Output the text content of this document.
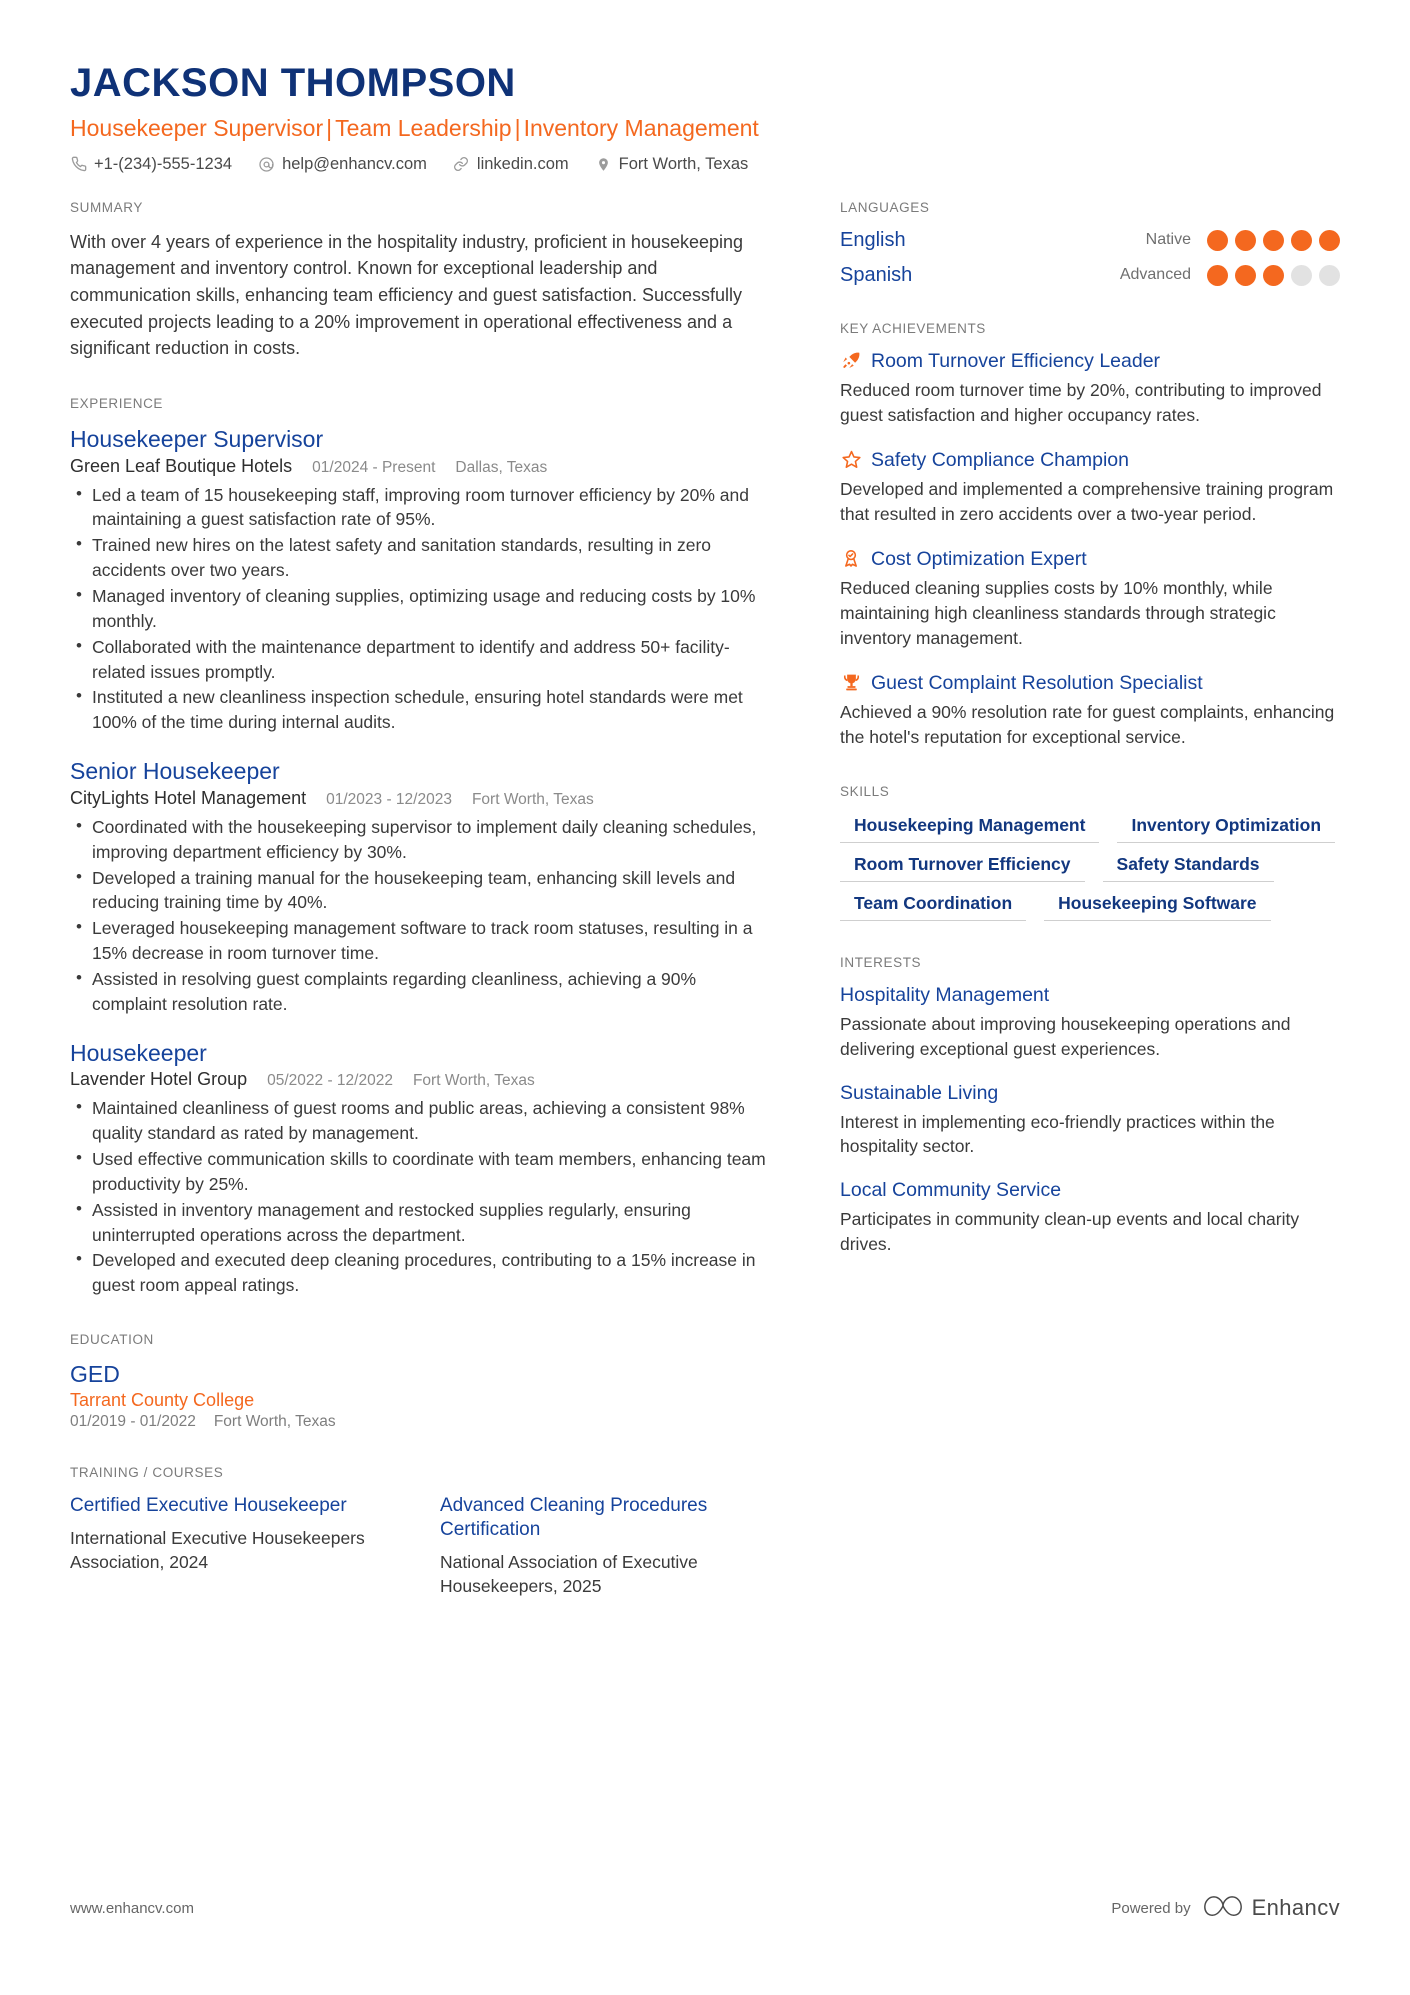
JACKSON THOMPSON
Housekeeper Supervisor | Team Leadership | Inventory Management
+1-(234)-555-1234	help@enhancv.com	linkedin.com	Fort Worth, Texas
SUMMARY
With over 4 years of experience in the hospitality industry, proficient in housekeeping management and inventory control. Known for exceptional leadership and communication skills, enhancing team efficiency and guest satisfaction. Successfully executed projects leading to a 20% improvement in operational effectiveness and a significant reduction in costs.
EXPERIENCE
Housekeeper Supervisor
Green Leaf Boutique Hotels 01/2024 - Present Dallas, Texas
• Led a team of 15 housekeeping staff, improving room turnover efficiency by 20% and maintaining a guest satisfaction rate of 95%.
• Trained new hires on the latest safety and sanitation standards, resulting in zero accidents over two years.
• Managed inventory of cleaning supplies, optimizing usage and reducing costs by 10% monthly.
• Collaborated with the maintenance department to identify and address 50+ facility-related issues promptly.
• Instituted a new cleanliness inspection schedule, ensuring hotel standards were met 100% of the time during internal audits.
Senior Housekeeper
CityLights Hotel Management 01/2023 - 12/2023 Fort Worth, Texas
• Coordinated with the housekeeping supervisor to implement daily cleaning schedules, improving department efficiency by 30%.
• Developed a training manual for the housekeeping team, enhancing skill levels and reducing training time by 40%.
• Leveraged housekeeping management software to track room statuses, resulting in a 15% decrease in room turnover time.
• Assisted in resolving guest complaints regarding cleanliness, achieving a 90% complaint resolution rate.
Housekeeper
Lavender Hotel Group 05/2022 - 12/2022 Fort Worth, Texas
• Maintained cleanliness of guest rooms and public areas, achieving a consistent 98% quality standard as rated by management.
• Used effective communication skills to coordinate with team members, enhancing team productivity by 25%.
• Assisted in inventory management and restocked supplies regularly, ensuring uninterrupted operations across the department.
• Developed and executed deep cleaning procedures, contributing to a 15% increase in guest room appeal ratings.
EDUCATION
GED
Tarrant County College
01/2019 - 01/2022 Fort Worth, Texas
TRAINING / COURSES
Certified Executive Housekeeper
International Executive Housekeepers Association, 2024
Advanced Cleaning Procedures Certification
National Association of Executive Housekeepers, 2025
LANGUAGES
English	Native
Spanish	Advanced
KEY ACHIEVEMENTS
Room Turnover Efficiency Leader
Reduced room turnover time by 20%, contributing to improved guest satisfaction and higher occupancy rates.
Safety Compliance Champion
Developed and implemented a comprehensive training program that resulted in zero accidents over a two-year period.
Cost Optimization Expert
Reduced cleaning supplies costs by 10% monthly, while maintaining high cleanliness standards through strategic inventory management.
Guest Complaint Resolution Specialist
Achieved a 90% resolution rate for guest complaints, enhancing the hotel's reputation for exceptional service.
SKILLS
Housekeeping Management	Inventory Optimization
Room Turnover Efficiency	Safety Standards
Team Coordination	Housekeeping Software
INTERESTS
Hospitality Management
Passionate about improving housekeeping operations and delivering exceptional guest experiences.
Sustainable Living
Interest in implementing eco-friendly practices within the hospitality sector.
Local Community Service
Participates in community clean-up events and local charity drives.
www.enhancv.com	Powered by	Enhancv
